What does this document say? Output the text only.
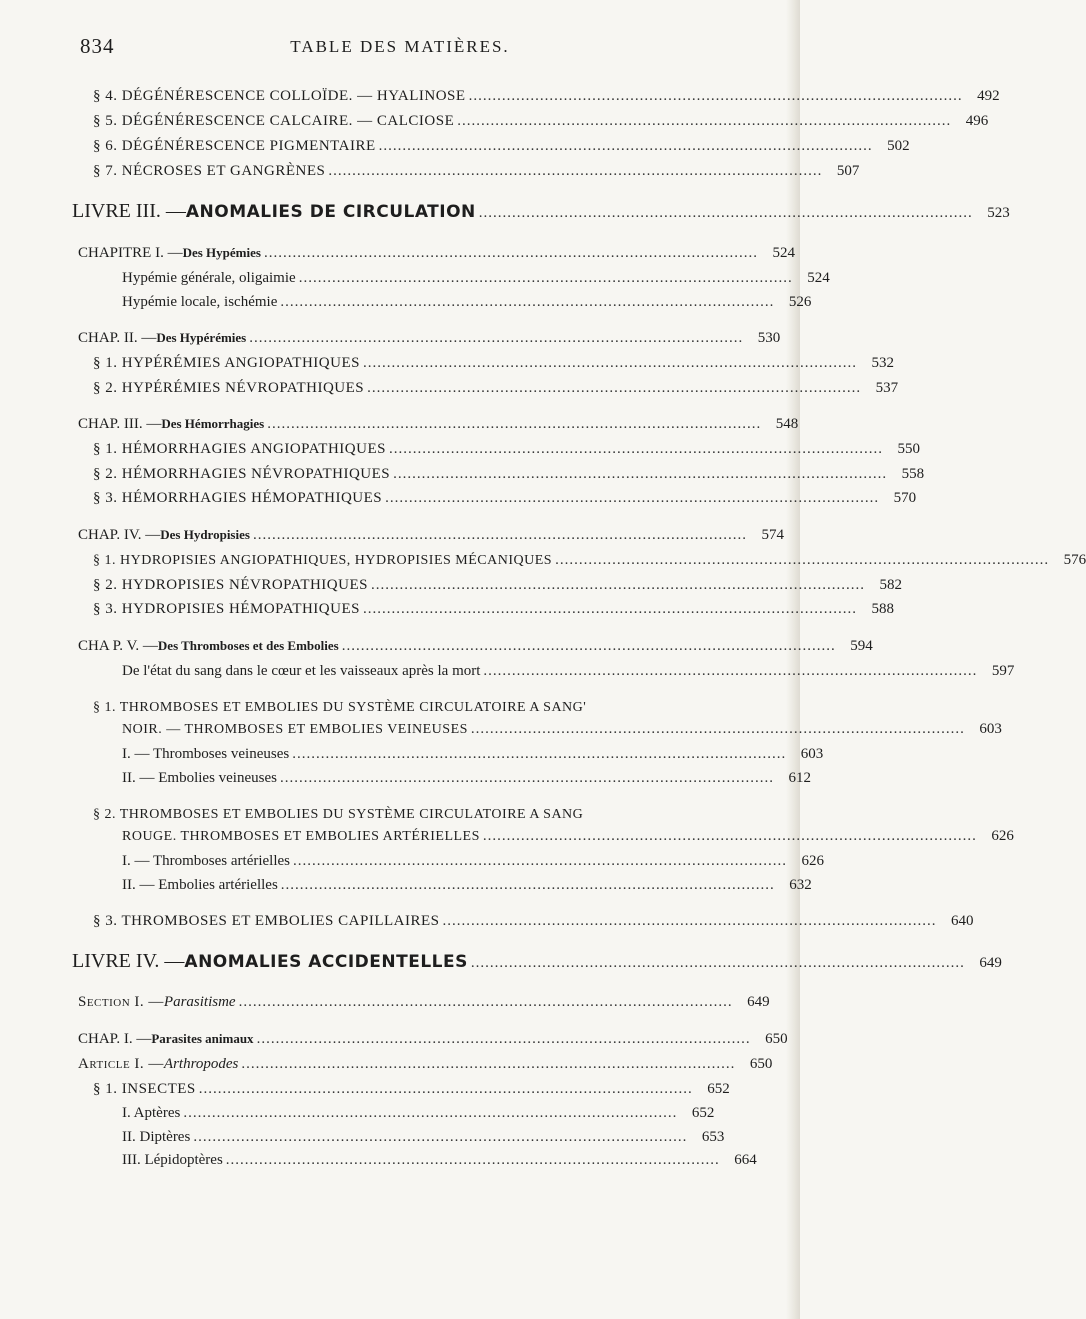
834	TABLE DES MATIÈRES.
§ 4. DÉGÉNÉRESCENCE COLLOÏDE. — HYALINOSE ........................................................................................................ 492
§ 5. DÉGÉNÉRESCENCE CALCAIRE. — CALCIOSE ........................................................................................................ 496
§ 6. DÉGÉNÉRESCENCE PIGMENTAIRE ........................................................................................................ 502
§ 7. NÉCROSES ET GANGRÈNES ........................................................................................................ 507
LIVRE III. — ANOMALIES DE CIRCULATION ........................................................................................................ 523
CHAPITRE I. — Des Hypémies ........................................................................................................ 524
Hypémie générale, oligaimie ........................................................................................................ 524
Hypémie locale, ischémie ........................................................................................................ 526
CHAP. II. — Des Hypérémies ........................................................................................................ 530
§ 1. HYPÉRÉMIES ANGIOPATHIQUES ........................................................................................................ 532
§ 2. HYPÉRÉMIES NÉVROPATHIQUES ........................................................................................................ 537
CHAP. III. — Des Hémorrhagies ........................................................................................................ 548
§ 1. HÉMORRHAGIES ANGIOPATHIQUES ........................................................................................................ 550
§ 2. HÉMORRHAGIES NÉVROPATHIQUES ........................................................................................................ 558
§ 3. HÉMORRHAGIES HÉMOPATHIQUES ........................................................................................................ 570
CHAP. IV. — Des Hydropisies ........................................................................................................ 574
§ 1. HYDROPISIES ANGIOPATHIQUES, HYDROPISIES MÉCANIQUES ........................................................................................................ 576
§ 2. HYDROPISIES NÉVROPATHIQUES ........................................................................................................ 582
§ 3. HYDROPISIES HÉMOPATHIQUES ........................................................................................................ 588
CHA P. V. — Des Thromboses et des Embolies ........................................................................................................ 594
De l'état du sang dans le cœur et les vaisseaux après la mort ........................................................................................................ 597
§ 1. THROMBOSES ET EMBOLIES DU SYSTÈME CIRCULATOIRE A SANG'
NOIR. — THROMBOSES ET EMBOLIES VEINEUSES ........................................................................................................ 603
I. — Thromboses veineuses ........................................................................................................ 603
II. — Embolies veineuses ........................................................................................................ 612
§ 2. THROMBOSES ET EMBOLIES DU SYSTÈME CIRCULATOIRE A SANG
ROUGE. THROMBOSES ET EMBOLIES ARTÉRIELLES ........................................................................................................ 626
I. — Thromboses artérielles ........................................................................................................ 626
II. — Embolies artérielles ........................................................................................................ 632
§ 3. THROMBOSES ET EMBOLIES CAPILLAIRES ........................................................................................................ 640
LIVRE IV. — ANOMALIES ACCIDENTELLES ........................................................................................................ 649
Section I. — Parasitisme ........................................................................................................ 649
CHAP. I. — Parasites animaux ........................................................................................................ 650
Article I. — Arthropodes ........................................................................................................ 650
§ 1. INSECTES ........................................................................................................ 652
I. Aptères ........................................................................................................ 652
II. Diptères ........................................................................................................ 653
III. Lépidoptères ........................................................................................................ 664
